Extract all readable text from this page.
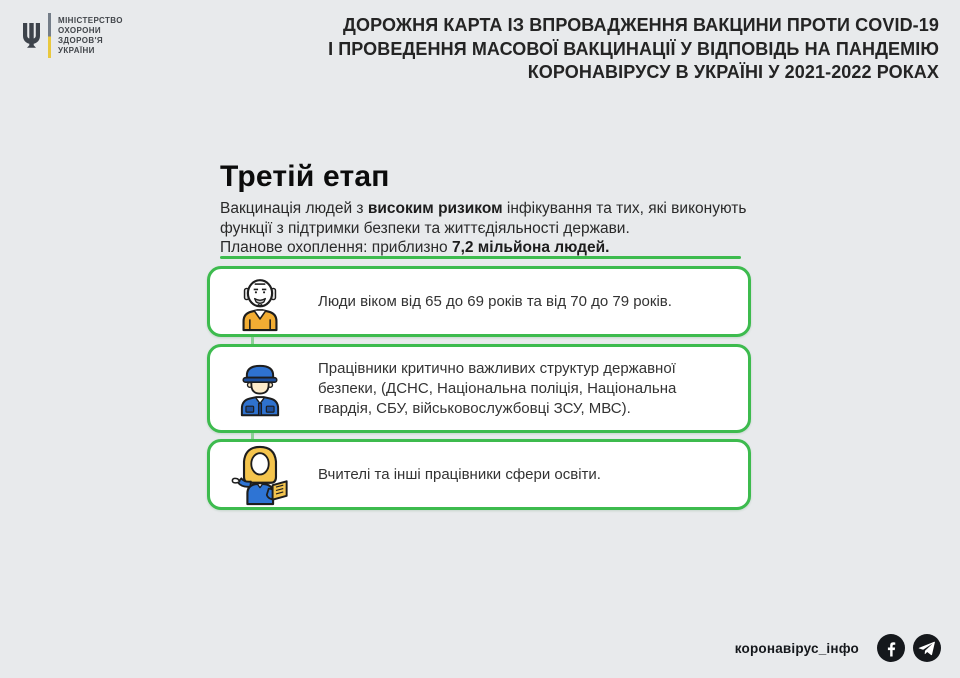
МІНІСТЕРСТВО
ОХОРОНИ
ЗДОРОВ'Я
УКРАЇНИ
ДОРОЖНЯ КАРТА ІЗ ВПРОВАДЖЕННЯ ВАКЦИНИ ПРОТИ COVID-19
І ПРОВЕДЕННЯ МАСОВОЇ ВАКЦИНАЦІЇ У ВІДПОВІДЬ НА ПАНДЕМІЮ
КОРОНАВІРУСУ В УКРАЇНІ У 2021-2022 РОКАХ
Третій етап
Вакцинація людей з високим ризиком інфікування та тих, які виконують функції з підтримки безпеки та життєдіяльності держави.
Планове охоплення: приблизно 7,2 мільйона людей.
Люди віком від 65 до 69 років та від 70 до 79 років.
Працівники критично важливих структур державної безпеки, (ДСНС, Національна поліція, Національна гвардія, СБУ, військовослужбовці ЗСУ, МВС).
Вчителі та інші працівники сфери освіти.
коронавірус_інфо
